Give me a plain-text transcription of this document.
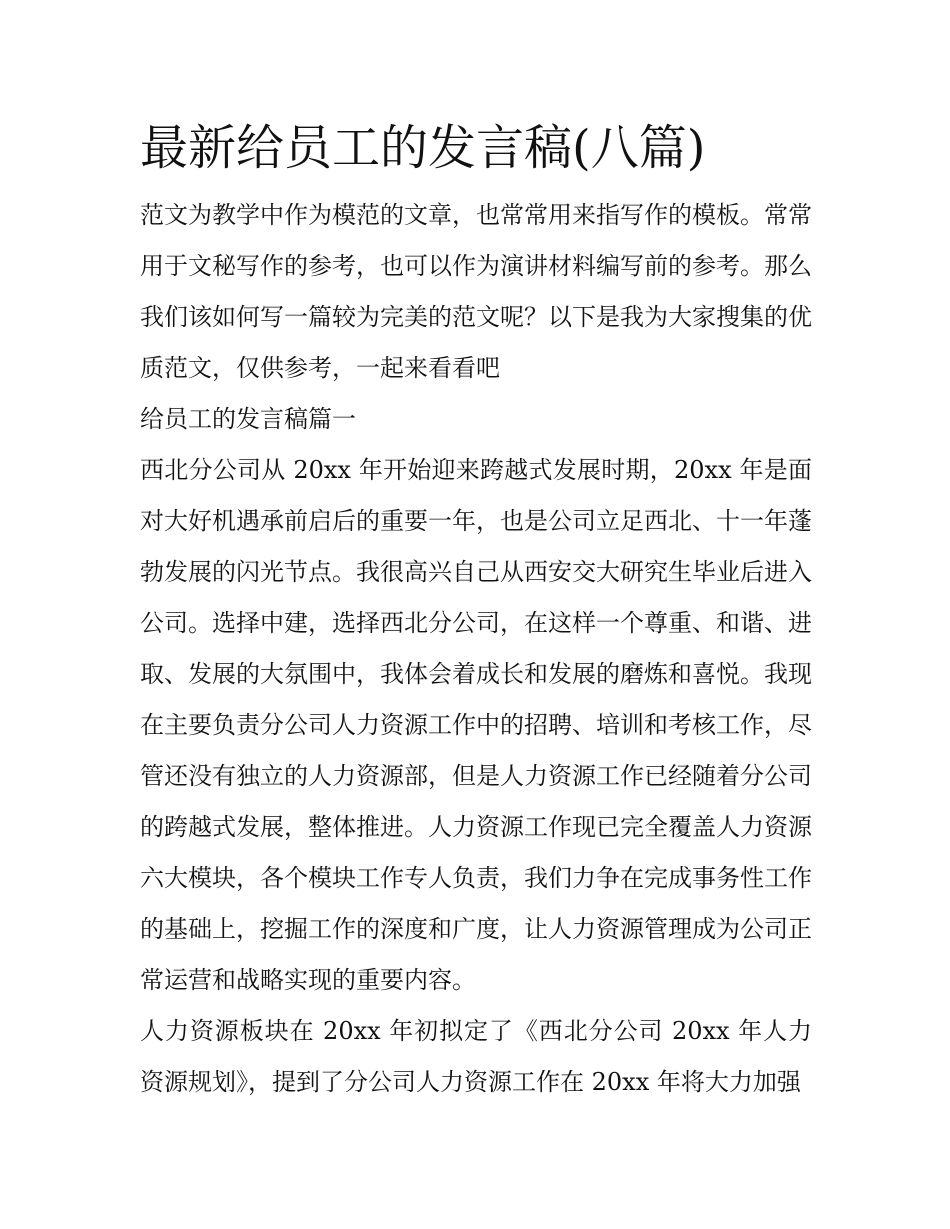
最新给员工的发言稿(八篇)

范文为教学中作为模范的文章，也常常用来指写作的模板。常常用于文秘写作的参考，也可以作为演讲材料编写前的参考。那么我们该如何写一篇较为完美的范文呢？以下是我为大家搜集的优质范文，仅供参考，一起来看看吧

给员工的发言稿篇一

西北分公司从 20xx 年开始迎来跨越式发展时期，20xx 年是面对大好机遇承前启后的重要一年，也是公司立足西北、十一年蓬勃发展的闪光节点。我很高兴自己从西安交大研究生毕业后进入公司。选择中建，选择西北分公司，在这样一个尊重、和谐、进取、发展的大氛围中，我体会着成长和发展的磨炼和喜悦。我现在主要负责分公司人力资源工作中的招聘、培训和考核工作，尽管还没有独立的人力资源部，但是人力资源工作已经随着分公司的跨越式发展，整体推进。人力资源工作现已完全覆盖人力资源六大模块，各个模块工作专人负责，我们力争在完成事务性工作的基础上，挖掘工作的深度和广度，让人力资源管理成为公司正常运营和战略实现的重要内容。

人力资源板块在 20xx 年初拟定了《西北分公司 20xx 年人力资源规划》，提到了分公司人力资源工作在 20xx 年将大力加强
